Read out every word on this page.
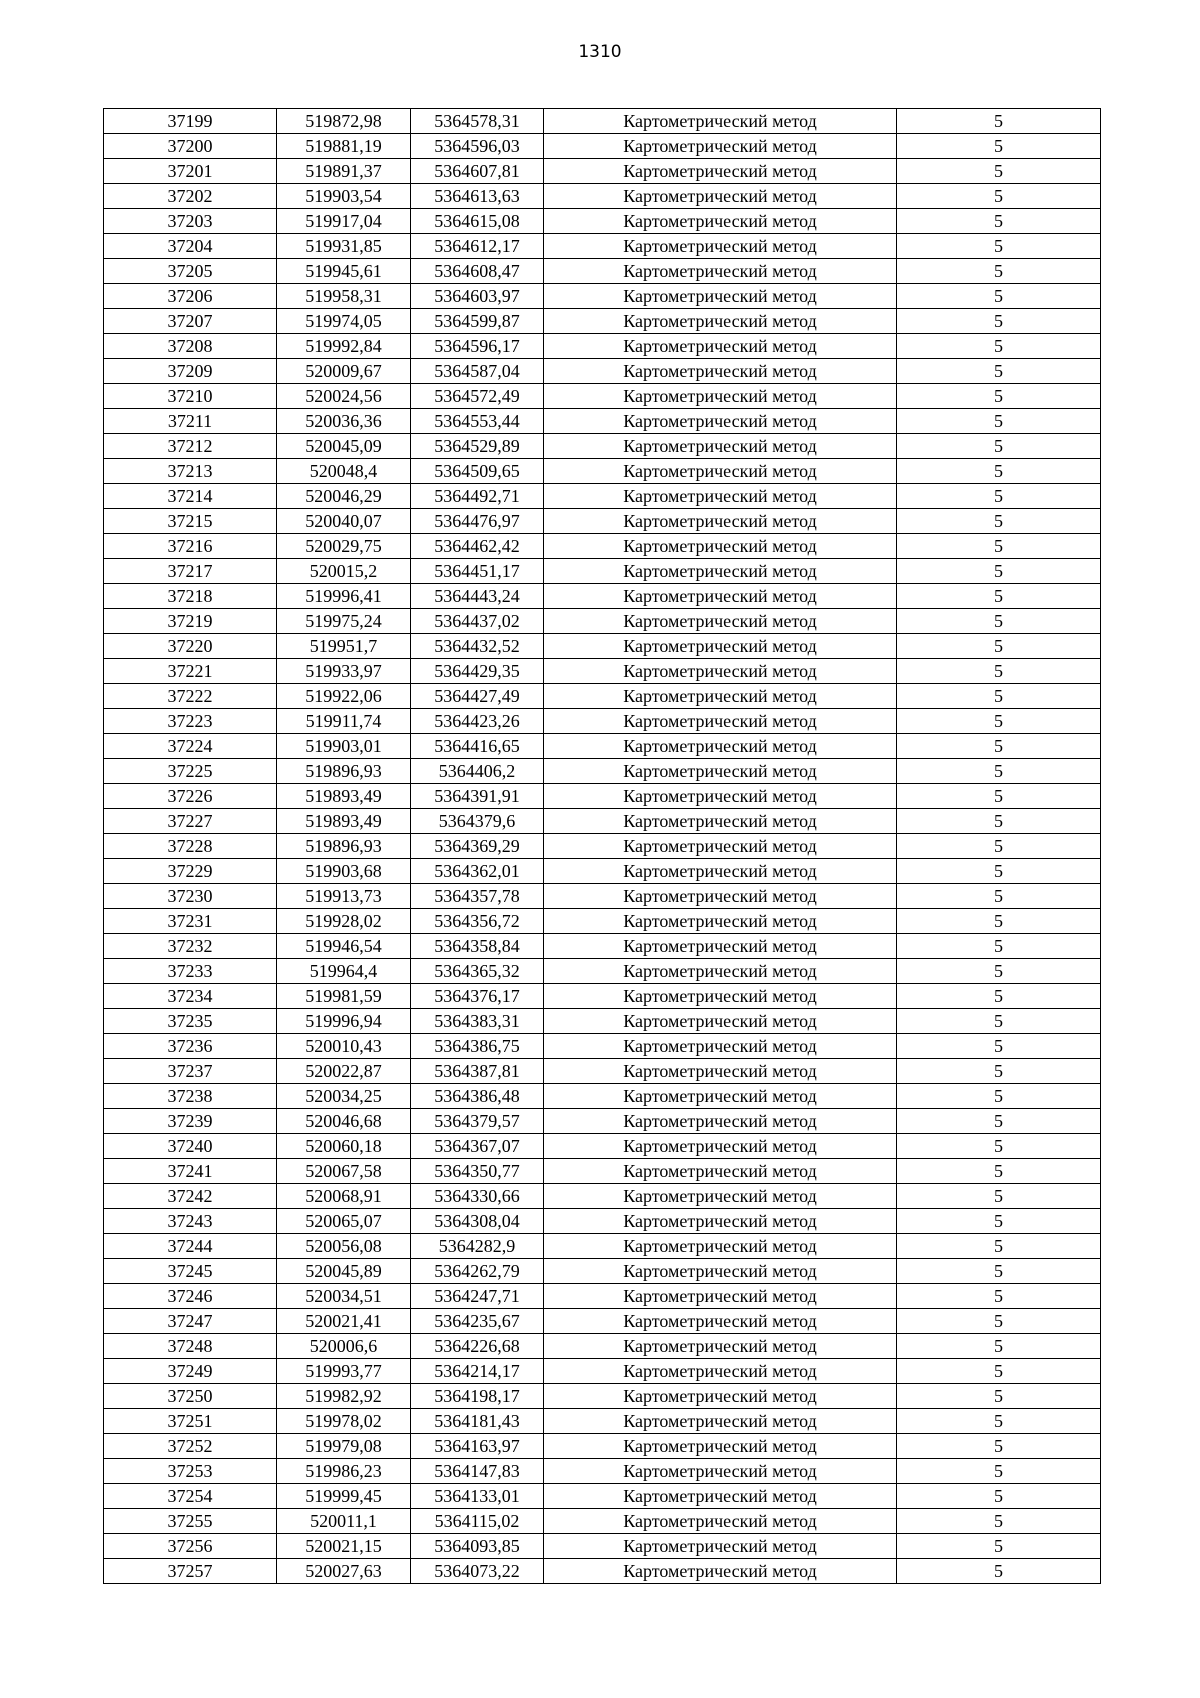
1310
37199	519872,98	5364578,31	Картометрический метод	5
37200	519881,19	5364596,03	Картометрический метод	5
37201	519891,37	5364607,81	Картометрический метод	5
37202	519903,54	5364613,63	Картометрический метод	5
37203	519917,04	5364615,08	Картометрический метод	5
37204	519931,85	5364612,17	Картометрический метод	5
37205	519945,61	5364608,47	Картометрический метод	5
37206	519958,31	5364603,97	Картометрический метод	5
37207	519974,05	5364599,87	Картометрический метод	5
37208	519992,84	5364596,17	Картометрический метод	5
37209	520009,67	5364587,04	Картометрический метод	5
37210	520024,56	5364572,49	Картометрический метод	5
37211	520036,36	5364553,44	Картометрический метод	5
37212	520045,09	5364529,89	Картометрический метод	5
37213	520048,4	5364509,65	Картометрический метод	5
37214	520046,29	5364492,71	Картометрический метод	5
37215	520040,07	5364476,97	Картометрический метод	5
37216	520029,75	5364462,42	Картометрический метод	5
37217	520015,2	5364451,17	Картометрический метод	5
37218	519996,41	5364443,24	Картометрический метод	5
37219	519975,24	5364437,02	Картометрический метод	5
37220	519951,7	5364432,52	Картометрический метод	5
37221	519933,97	5364429,35	Картометрический метод	5
37222	519922,06	5364427,49	Картометрический метод	5
37223	519911,74	5364423,26	Картометрический метод	5
37224	519903,01	5364416,65	Картометрический метод	5
37225	519896,93	5364406,2	Картометрический метод	5
37226	519893,49	5364391,91	Картометрический метод	5
37227	519893,49	5364379,6	Картометрический метод	5
37228	519896,93	5364369,29	Картометрический метод	5
37229	519903,68	5364362,01	Картометрический метод	5
37230	519913,73	5364357,78	Картометрический метод	5
37231	519928,02	5364356,72	Картометрический метод	5
37232	519946,54	5364358,84	Картометрический метод	5
37233	519964,4	5364365,32	Картометрический метод	5
37234	519981,59	5364376,17	Картометрический метод	5
37235	519996,94	5364383,31	Картометрический метод	5
37236	520010,43	5364386,75	Картометрический метод	5
37237	520022,87	5364387,81	Картометрический метод	5
37238	520034,25	5364386,48	Картометрический метод	5
37239	520046,68	5364379,57	Картометрический метод	5
37240	520060,18	5364367,07	Картометрический метод	5
37241	520067,58	5364350,77	Картометрический метод	5
37242	520068,91	5364330,66	Картометрический метод	5
37243	520065,07	5364308,04	Картометрический метод	5
37244	520056,08	5364282,9	Картометрический метод	5
37245	520045,89	5364262,79	Картометрический метод	5
37246	520034,51	5364247,71	Картометрический метод	5
37247	520021,41	5364235,67	Картометрический метод	5
37248	520006,6	5364226,68	Картометрический метод	5
37249	519993,77	5364214,17	Картометрический метод	5
37250	519982,92	5364198,17	Картометрический метод	5
37251	519978,02	5364181,43	Картометрический метод	5
37252	519979,08	5364163,97	Картометрический метод	5
37253	519986,23	5364147,83	Картометрический метод	5
37254	519999,45	5364133,01	Картометрический метод	5
37255	520011,1	5364115,02	Картометрический метод	5
37256	520021,15	5364093,85	Картометрический метод	5
37257	520027,63	5364073,22	Картометрический метод	5
